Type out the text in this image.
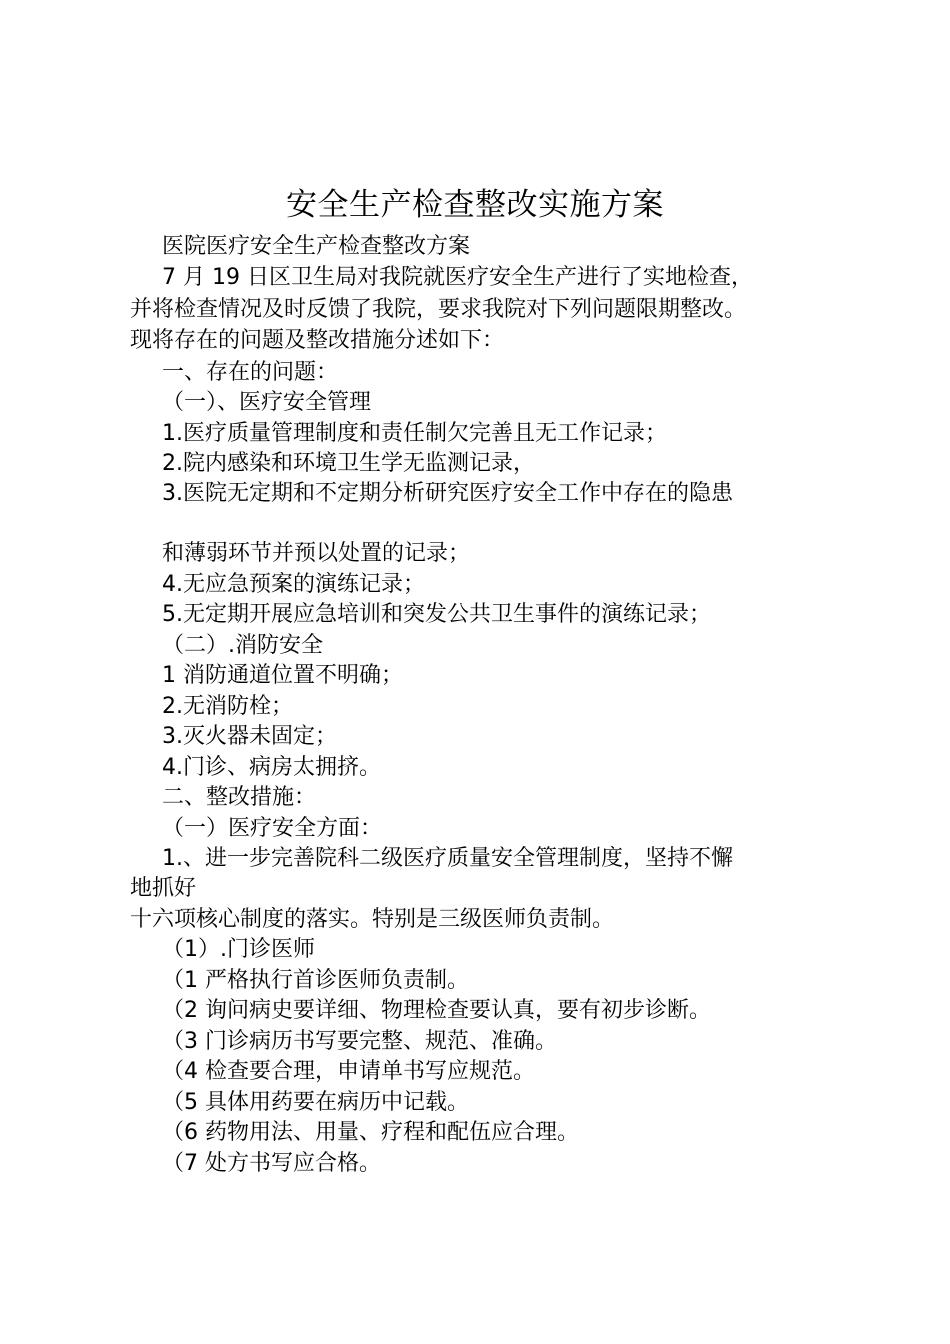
安全生产检查整改实施方案
医院医疗安全生产检查整改方案
7 月 19 日区卫生局对我院就医疗安全生产进行了实地检查，
并将检查情况及时反馈了我院，要求我院对下列问题限期整改。
现将存在的问题及整改措施分述如下：
一、存在的问题：
（一）、医疗安全管理
1.医疗质量管理制度和责任制欠完善且无工作记录；
2.院内感染和环境卫生学无监测记录，
3.医院无定期和不定期分析研究医疗安全工作中存在的隐患
和薄弱环节并预以处置的记录；
4.无应急预案的演练记录；
5.无定期开展应急培训和突发公共卫生事件的演练记录；
（二）.消防安全
1 消防通道位置不明确；
2.无消防栓；
3.灭火器未固定；
4.门诊、病房太拥挤。
二、整改措施：
（一）医疗安全方面：
1.、进一步完善院科二级医疗质量安全管理制度，坚持不懈
地抓好
十六项核心制度的落实。特别是三级医师负责制。
（1）.门诊医师
（1 严格执行首诊医师负责制。
（2 询问病史要详细、物理检查要认真，要有初步诊断。
（3 门诊病历书写要完整、规范、准确。
（4 检查要合理，申请单书写应规范。
（5 具体用药要在病历中记载。
（6 药物用法、用量、疗程和配伍应合理。
（7 处方书写应合格。
